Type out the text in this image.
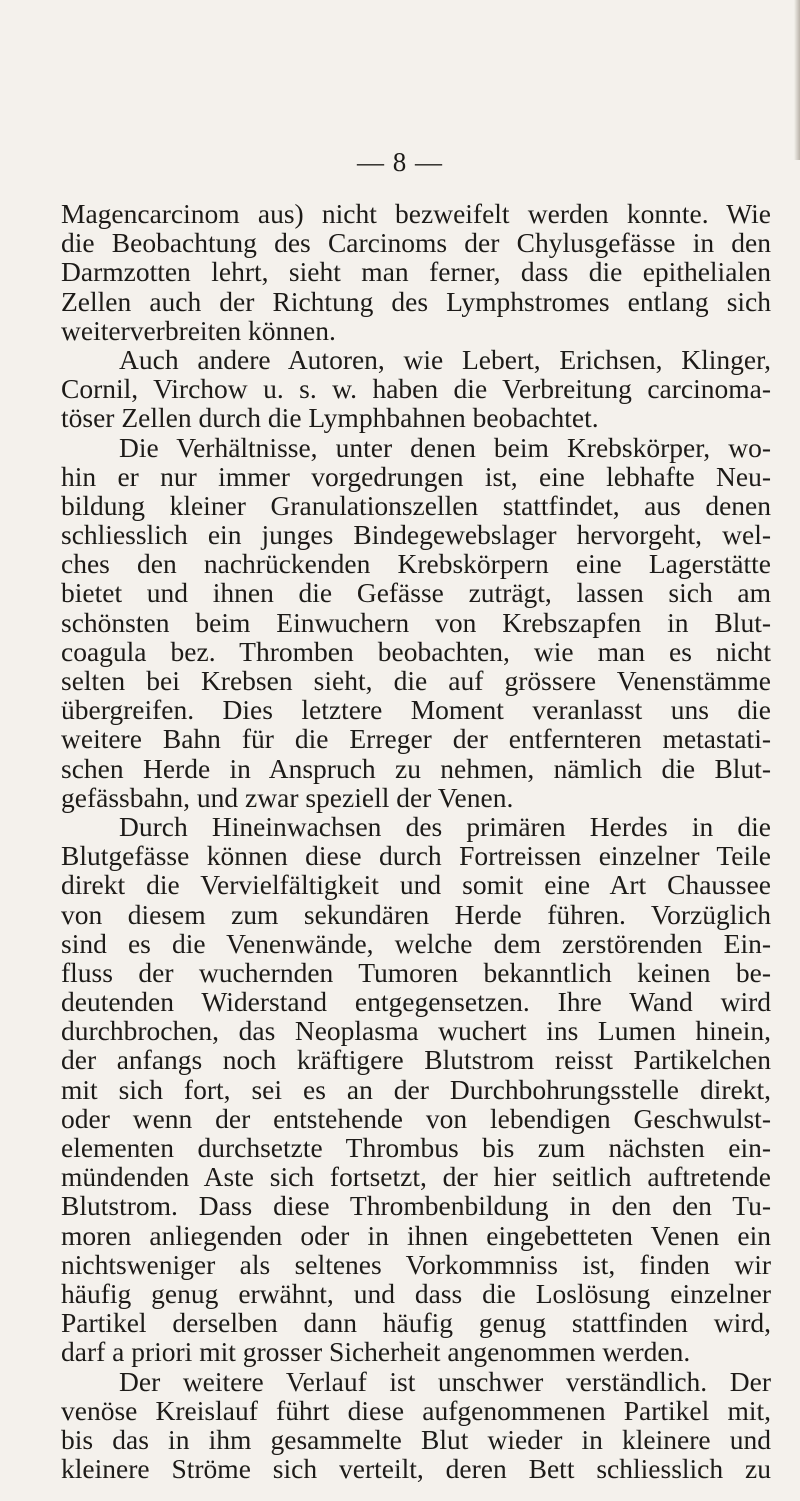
— 8 —
Magencarcinom aus) nicht bezweifelt werden konnte. Wie
die Beobachtung des Carcinoms der Chylusgefässe in den
Darmzotten lehrt, sieht man ferner, dass die epithelialen
Zellen auch der Richtung des Lymphstromes entlang sich
weiterverbreiten können.
Auch andere Autoren, wie Lebert, Erichsen, Klinger,
Cornil, Virchow u. s. w. haben die Verbreitung carcinoma-
töser Zellen durch die Lymphbahnen beobachtet.
Die Verhältnisse, unter denen beim Krebskörper, wo-
hin er nur immer vorgedrungen ist, eine lebhafte Neu-
bildung kleiner Granulationszellen stattfindet, aus denen
schliesslich ein junges Bindegewebslager hervorgeht, wel-
ches den nachrückenden Krebskörpern eine Lagerstätte
bietet und ihnen die Gefässe zuträgt, lassen sich am
schönsten beim Einwuchern von Krebszapfen in Blut-
coagula bez. Thromben beobachten, wie man es nicht
selten bei Krebsen sieht, die auf grössere Venenstämme
übergreifen. Dies letztere Moment veranlasst uns die
weitere Bahn für die Erreger der entfernteren metastati-
schen Herde in Anspruch zu nehmen, nämlich die Blut-
gefässbahn, und zwar speziell der Venen.
Durch Hineinwachsen des primären Herdes in die
Blutgefässe können diese durch Fortreissen einzelner Teile
direkt die Vervielfältigkeit und somit eine Art Chaussee
von diesem zum sekundären Herde führen. Vorzüglich
sind es die Venenwände, welche dem zerstörenden Ein-
fluss der wuchernden Tumoren bekanntlich keinen be-
deutenden Widerstand entgegensetzen. Ihre Wand wird
durchbrochen, das Neoplasma wuchert ins Lumen hinein,
der anfangs noch kräftigere Blutstrom reisst Partikelchen
mit sich fort, sei es an der Durchbohrungsstelle direkt,
oder wenn der entstehende von lebendigen Geschwulst-
elementen durchsetzte Thrombus bis zum nächsten ein-
mündenden Aste sich fortsetzt, der hier seitlich auftretende
Blutstrom. Dass diese Thrombenbildung in den den Tu-
moren anliegenden oder in ihnen eingebetteten Venen ein
nichtsweniger als seltenes Vorkommniss ist, finden wir
häufig genug erwähnt, und dass die Loslösung einzelner
Partikel derselben dann häufig genug stattfinden wird,
darf a priori mit grosser Sicherheit angenommen werden.
Der weitere Verlauf ist unschwer verständlich. Der
venöse Kreislauf führt diese aufgenommenen Partikel mit,
bis das in ihm gesammelte Blut wieder in kleinere und
kleinere Ströme sich verteilt, deren Bett schliesslich zu
